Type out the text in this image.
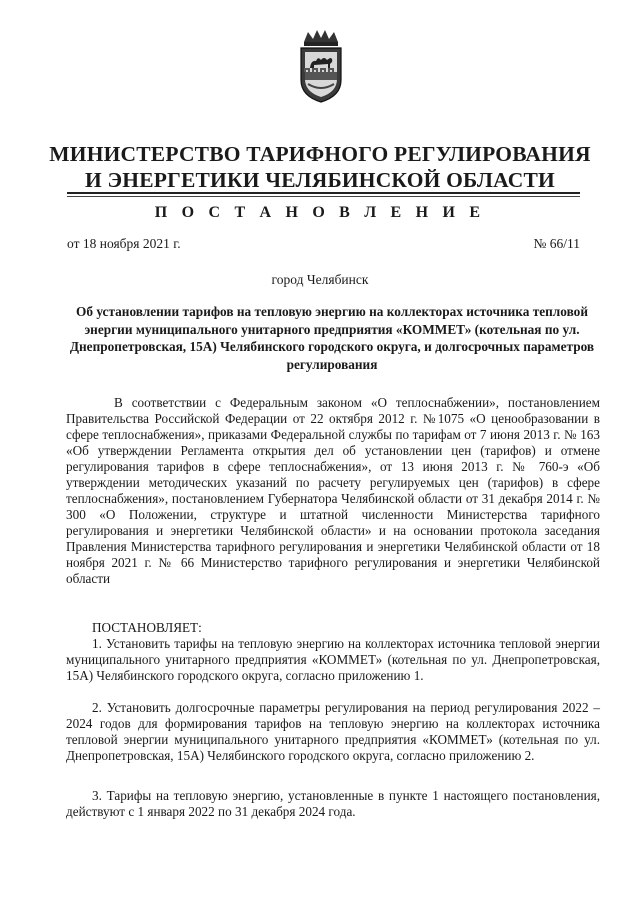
МИНИСТЕРСТВО ТАРИФНОГО РЕГУЛИРОВАНИЯ
И ЭНЕРГЕТИКИ ЧЕЛЯБИНСКОЙ ОБЛАСТИ
П О С Т А Н О В Л Е Н И Е
от 18 ноября 2021 г.	№ 66/11
город Челябинск
Об установлении тарифов на тепловую энергию на коллекторах источника тепловой энергии муниципального унитарного предприятия «КОММЕТ» (котельная по ул. Днепропетровская, 15А) Челябинского городского округа, и долгосрочных параметров регулирования
В соответствии с Федеральным законом «О теплоснабжении», постановлением Правительства Российской Федерации от 22 октября 2012 г. №1075 «О ценообразовании в сфере теплоснабжения», приказами Федеральной службы по тарифам от 7 июня 2013 г. № 163 «Об утверждении Регламента открытия дел об установлении цен (тарифов) и отмене регулирования тарифов в сфере теплоснабжения», от 13 июня 2013 г. № 760-э «Об утверждении методических указаний по расчету регулируемых цен (тарифов) в сфере теплоснабжения», постановлением Губернатора Челябинской области от 31 декабря 2014 г. № 300 «О Положении, структуре и штатной численности Министерства тарифного регулирования и энергетики Челябинской области» и на основании протокола заседания Правления Министерства тарифного регулирования и энергетики Челябинской области от 18 ноября 2021 г. № 66 Министерство тарифного регулирования и энергетики Челябинской области
ПОСТАНОВЛЯЕТ:
1. Установить тарифы на тепловую энергию на коллекторах источника тепловой энергии муниципального унитарного предприятия «КОММЕТ» (котельная по ул. Днепропетровская, 15А) Челябинского городского округа, согласно приложению 1.
2. Установить долгосрочные параметры регулирования на период регулирования 2022 – 2024 годов для формирования тарифов на тепловую энергию на коллекторах источника тепловой энергии муниципального унитарного предприятия «КОММЕТ» (котельная по ул. Днепропетровская, 15А) Челябинского городского округа, согласно приложению 2.
3. Тарифы на тепловую энергию, установленные в пункте 1 настоящего постановления, действуют с 1 января 2022 по 31 декабря 2024 года.
